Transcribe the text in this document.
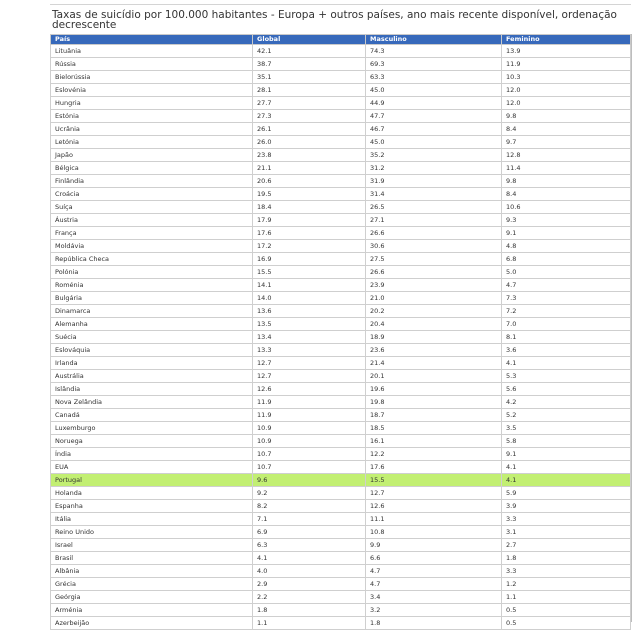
Taxas de suicídio por 100.000 habitantes - Europa + outros países, ano mais recente disponível, ordenação decrescente
País	Global	Masculino	Feminino
Lituânia	42.1	74.3	13.9
Rússia	38.7	69.3	11.9
Bielorússia	35.1	63.3	10.3
Eslovénia	28.1	45.0	12.0
Hungria	27.7	44.9	12.0
Estónia	27.3	47.7	9.8
Ucrânia	26.1	46.7	8.4
Letónia	26.0	45.0	9.7
Japão	23.8	35.2	12.8
Bélgica	21.1	31.2	11.4
Finlândia	20.6	31.9	9.8
Croácia	19.5	31.4	8.4
Suíça	18.4	26.5	10.6
Áustria	17.9	27.1	9.3
França	17.6	26.6	9.1
Moldávia	17.2	30.6	4.8
República Checa	16.9	27.5	6.8
Polónia	15.5	26.6	5.0
Roménia	14.1	23.9	4.7
Bulgária	14.0	21.0	7.3
Dinamarca	13.6	20.2	7.2
Alemanha	13.5	20.4	7.0
Suécia	13.4	18.9	8.1
Eslováquia	13.3	23.6	3.6
Irlanda	12.7	21.4	4.1
Austrália	12.7	20.1	5.3
Islândia	12.6	19.6	5.6
Nova Zelândia	11.9	19.8	4.2
Canadá	11.9	18.7	5.2
Luxemburgo	10.9	18.5	3.5
Noruega	10.9	16.1	5.8
Índia	10.7	12.2	9.1
EUA	10.7	17.6	4.1
Portugal	9.6	15.5	4.1
Holanda	9.2	12.7	5.9
Espanha	8.2	12.6	3.9
Itália	7.1	11.1	3.3
Reino Unido	6.9	10.8	3.1
Israel	6.3	9.9	2.7
Brasil	4.1	6.6	1.8
Albânia	4.0	4.7	3.3
Grécia	2.9	4.7	1.2
Geórgia	2.2	3.4	1.1
Arménia	1.8	3.2	0.5
Azerbeijão	1.1	1.8	0.5
